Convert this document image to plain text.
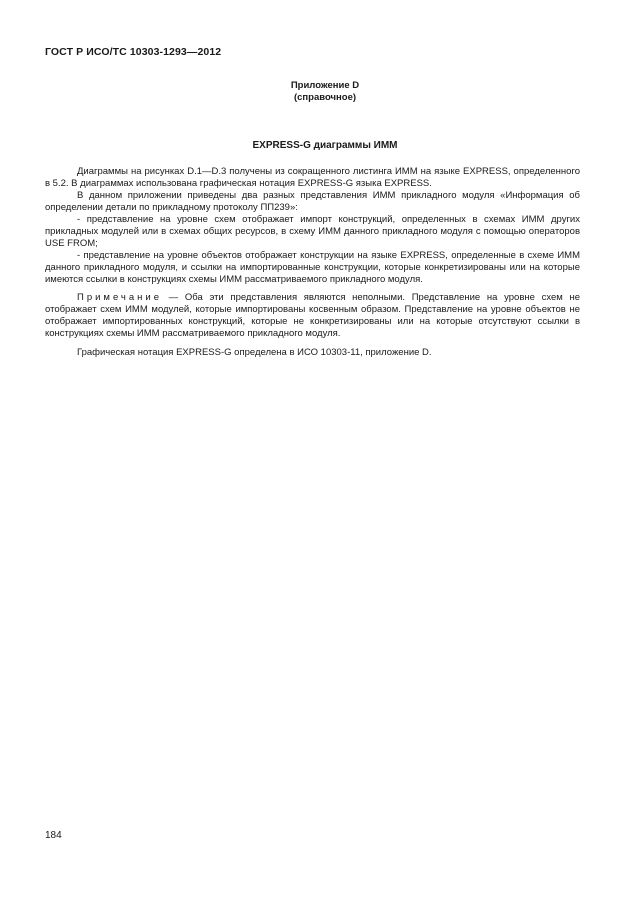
ГОСТ Р ИСО/ТС 10303-1293—2012
Приложение D
(справочное)
EXPRESS-G диаграммы ИММ

Диаграммы на рисунках D.1—D.3 получены из сокращенного листинга ИММ на языке EXPRESS, определенного в 5.2. В диаграммах использована графическая нотация EXPRESS-G языка EXPRESS.

В данном приложении приведены два разных представления ИММ прикладного модуля «Информация об определении детали по прикладному протоколу ПП239»:

- представление на уровне схем отображает импорт конструкций, определенных в схемах ИММ других прикладных модулей или в схемах общих ресурсов, в схему ИММ данного прикладного модуля с помощью операторов USE FROM;

- представление на уровне объектов отображает конструкции на языке EXPRESS, определенные в схеме ИММ данного прикладного модуля, и ссылки на импортированные конструкции, которые конкретизированы или на которые имеются ссылки в конструкциях схемы ИММ рассматриваемого прикладного модуля.

Примечание — Оба эти представления являются неполными. Представление на уровне схем не отображает схем ИММ модулей, которые импортированы косвенным образом. Представление на уровне объектов не отображает импортированных конструкций, которые не конкретизированы или на которые отсутствуют ссылки в конструкциях схемы ИММ рассматриваемого прикладного модуля.

Графическая нотация EXPRESS-G определена в ИСО 10303-11, приложение D.

184
